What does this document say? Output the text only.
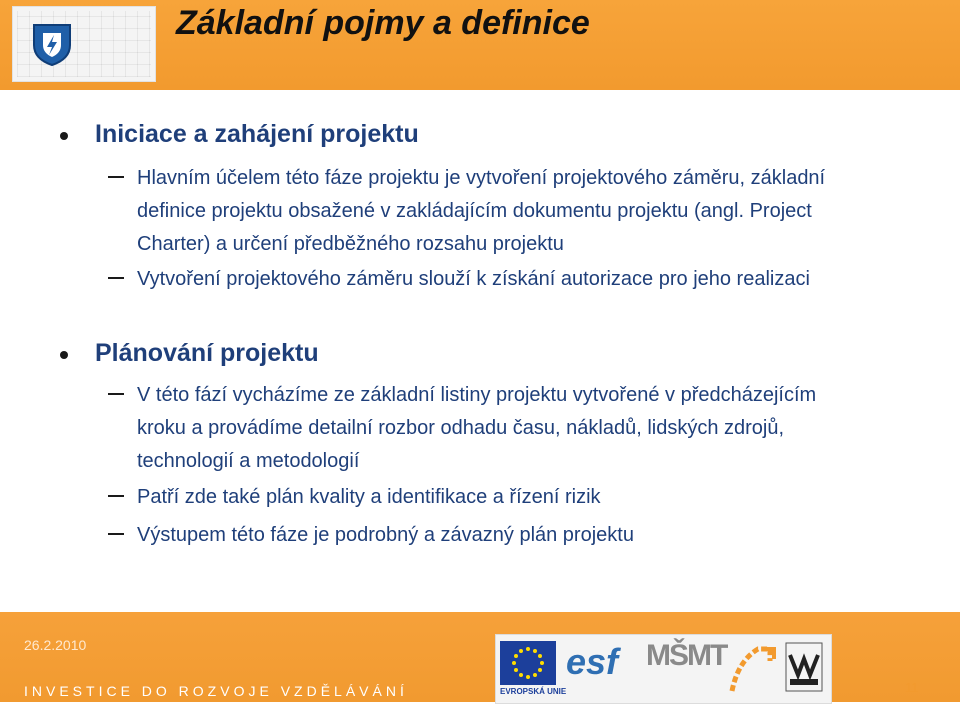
Základní pojmy a definice
Iniciace a zahájení projektu
Hlavním účelem této fáze projektu je vytvoření projektového záměru, základní definice projektu obsažené v zakládajícím dokumentu projektu (angl. Project Charter) a určení předběžného rozsahu projektu
Vytvoření projektového záměru slouží k získání autorizace pro jeho realizaci
Plánování projektu
V této fází vycházíme ze základní listiny projektu vytvořené v předcházejícím kroku a provádíme detailní rozbor odhadu času, nákladů, lidských zdrojů, technologií a metodologií
Patří zde také plán kvality a identifikace a řízení rizik
Výstupem této fáze je podrobný a závazný plán projektu
26.2.2010
INVESTICE DO ROZVOJE VZDĚLÁVÁNÍ	EVROPSKÁ UNIE
esf MŠMT
11
